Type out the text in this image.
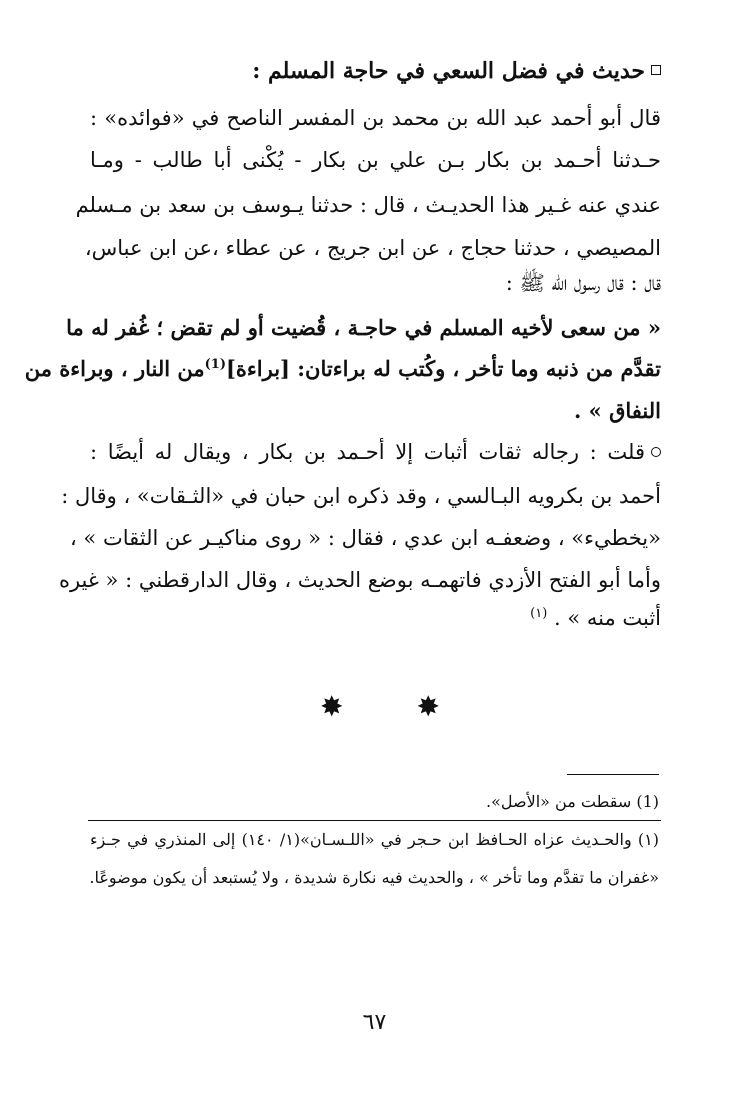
حديث في فضل السعي في حاجة المسلم :
قال أبو أحمد عبد الله بن محمد بن المفسر الناصح في «فوائده» :
حـدثنا أحـمد بن بكار بـن علي بن بكار - يُكْنى أبا طالب - ومـا
عندي عنه غـير هذا الحديـث ، قال : حدثنا يـوسف بن سعد بن مـسلم
المصيصي ، حدثنا حجاج ، عن ابن جريج ، عن عطاء ،عن ابن عباس،
قال : قال رسول الله ﷺ :
« من سعى لأخيه المسلم في حاجـة ، قُضيت أو لم تقض ؛ غُفر له ما
تقدَّم من ذنبه وما تأخر ، وكُتب له براءتان: [براءة]$^{(1)}$من النار ، وبراءة من
النفاق » .
قلت : رجاله ثقات أثبات إلا أحـمد بن بكار ، ويقال له أيضًا :
أحمد بن بكرويه البـالسي ، وقد ذكره ابن حبان في «الثـقات» ، وقال :
«يخطيء» ، وضعفـه ابن عدي ، فقال : « روى مناكيـر عن الثقات » ،
وأما أبو الفتح الأزدي فاتهمـه بوضع الحديث ، وقال الدارقطني : « غيره
أثبت منه » . $^{(١)}$
✸	✸
(1) سقطت من «الأصل».
(١) والحـديث عزاه الحـافظ ابن حـجر في «اللـسـان»(١/ ١٤٠) إلى المنذري في جـزء
«غفران ما تقدَّم وما تأخر » ، والحديث فيه نكارة شديدة ، ولا يُستبعد أن يكون موضوعًا.
٦٧
